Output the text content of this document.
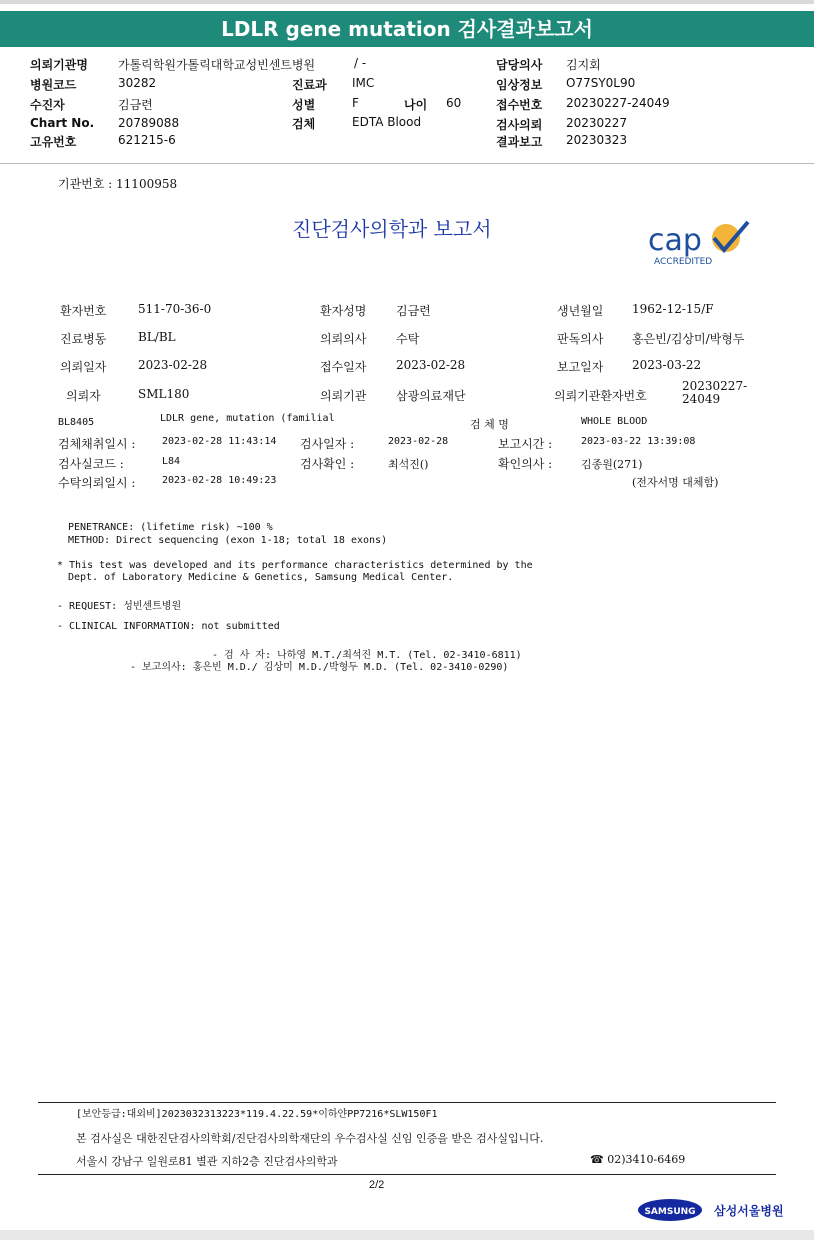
LDLR gene mutation 검사결과보고서
의뢰기관명	가톨릭학원가톨릭대학교성빈센트병원	/ -	담당의사 김지회
병원코드	30282	진료과 IMC	임상정보 O77SY0L90
수진자	김금련	성별	F	나이 60	접수번호 20230227-24049
Chart No. 20789088	검체	EDTA Blood	검사의뢰 20230227
고유번호	621215-6	결과보고 20230323
기관번호 : 11100958
진단검사의학과 보고서	cap
ACCREDITED
환자번호	511-70-36-0	환자성명 김금련	생년월일 1962-12-15/F
진료병동	BL/BL	의뢰의사 수탁	판독의사 홍은빈/김상미/박형두
의뢰일자	2023-02-28	접수일자 2023-02-28	보고일자 2023-03-22
의뢰자	SML180	의뢰기관 삼광의료재단	의뢰기관환자번호
20230227-
24049
BL8405	LDLR gene, mutation (familial	검 체 명	WHOLE BLOOD
검체채취일시 :	2023-02-28 11:43:14 검사일자 :	2023-02-28	보고시간 :	2023-03-22 13:39:08
검사실코드 :	L84	검사확인 :	최석진()	확인의사 :	김종원(271)
수탁의뢰일시 :	2023-02-28 10:49:23	(전자서명 대체함)
PENETRANCE: (lifetime risk) ~100 %
METHOD: Direct sequencing (exon 1-18; total 18 exons)
* This test was developed and its performance characteristics determined by the
Dept. of Laboratory Medicine & Genetics, Samsung Medical Center.
- REQUEST: 성빈센트병원
- CLINICAL INFORMATION: not submitted
- 검 사 자: 나하영 M.T./최석진 M.T. (Tel. 02-3410-6811)
- 보고의사: 홍은빈 M.D./ 김상미 M.D./박형두 M.D. (Tel. 02-3410-0290)
[보안등급:대외비]2023032313223*119.4.22.59*이하얀PP7216*SLW150F1
본 검사실은 대한진단검사의학회/진단검사의학재단의 우수검사실 신임 인증을 받은 검사실입니다.
서울시 강남구 일원로81 별관 지하2층 진단검사의학과	☎ 02)3410-6469
2/2
SAMSUNG 삼성서울병원
